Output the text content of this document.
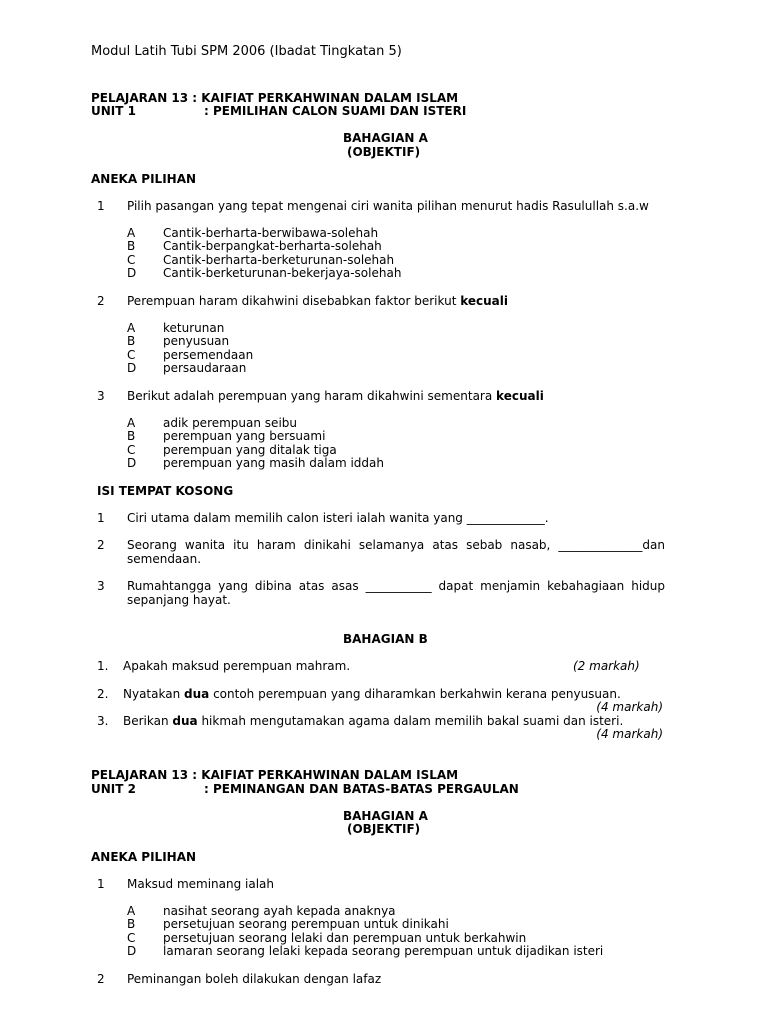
Modul Latih Tubi SPM 2006 (Ibadat Tingkatan 5)
PELAJARAN 13 : KAIFIAT PERKAHWINAN DALAM ISLAM
UNIT 1	: PEMILIHAN CALON SUAMI DAN ISTERI
BAHAGIAN A
(OBJEKTIF)
ANEKA PILIHAN
1 Pilih pasangan yang tepat mengenai ciri wanita pilihan menurut hadis Rasulullah s.a.w
A Cantik-berharta-berwibawa-solehah
B Cantik-berpangkat-berharta-solehah
C Cantik-berharta-berketurunan-solehah
D Cantik-berketurunan-bekerjaya-solehah
2 Perempuan haram dikahwini disebabkan faktor berikut kecuali
A keturunan
B penyusuan
C persemendaan
D persaudaraan
3 Berikut adalah perempuan yang haram dikahwini sementara kecuali
A adik perempuan seibu
B perempuan yang bersuami
C perempuan yang ditalak tiga
D perempuan yang masih dalam iddah
ISI TEMPAT KOSONG
1 Ciri utama dalam memilih calon isteri ialah wanita yang _____________.
2 Seorang wanita itu haram dinikahi selamanya atas sebab nasab, ______________dan
semendaan.
3 Rumahtangga yang dibina atas asas ___________ dapat menjamin kebahagiaan hidup
sepanjang hayat.
BAHAGIAN B
1. Apakah maksud perempuan mahram.	(2 markah)
2. Nyatakan dua contoh perempuan yang diharamkan berkahwin kerana penyusuan.
(4 markah)
3. Berikan dua hikmah mengutamakan agama dalam memilih bakal suami dan isteri.
(4 markah)
PELAJARAN 13 : KAIFIAT PERKAHWINAN DALAM ISLAM
UNIT 2	: PEMINANGAN DAN BATAS-BATAS PERGAULAN
BAHAGIAN A
(OBJEKTIF)
ANEKA PILIHAN
1 Maksud meminang ialah
A nasihat seorang ayah kepada anaknya
B persetujuan seorang perempuan untuk dinikahi
C persetujuan seorang lelaki dan perempuan untuk berkahwin
D lamaran seorang lelaki kepada seorang perempuan untuk dijadikan isteri
2 Peminangan boleh dilakukan dengan lafaz
